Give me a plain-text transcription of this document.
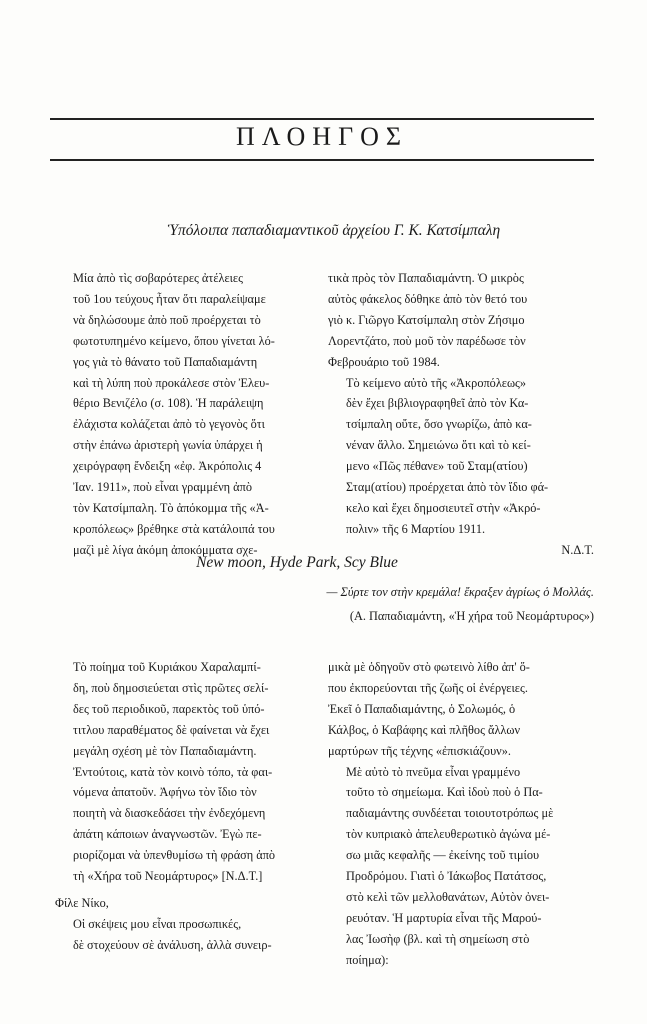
ΠΛΟΗΓΟΣ
Ὑπόλοιπα παπαδιαμαντικοῦ ἀρχείου Γ. Κ. Κατσίμπαλη

Μία ἀπὸ τὶς σοβαρότερες ἀτέλειες
τοῦ 1ου τεύχους ἦταν ὅτι παραλείψαμε
νὰ δηλώσουμε ἀπὸ ποῦ προέρχεται τὸ
φωτοτυπημένο κείμενο, ὅπου γίνεται λό-
γος γιὰ τὸ θάνατο τοῦ Παπαδιαμάντη
καὶ τὴ λύπη ποὺ προκάλεσε στὸν Ἐλευ-
θέριο Βενιζέλο (σ. 108). Ἡ παράλειψη
ἐλάχιστα κολάζεται ἀπὸ τὸ γεγονὸς ὅτι
στὴν ἐπάνω ἀριστερὴ γωνία ὑπάρχει ἡ
χειρόγραφη ἔνδειξη «ἐφ. Ἀκρόπολις 4
Ἰαν. 1911», ποὺ εἶναι γραμμένη ἀπὸ
τὸν Κατσίμπαλη. Τὸ ἀπόκομμα τῆς «Ἀ-
κροπόλεως» βρέθηκε στὰ κατάλοιπά του
μαζὶ μὲ λίγα ἀκόμη ἀποκόμματα σχε-

τικὰ πρὸς τὸν Παπαδιαμάντη. Ὁ μικρὸς
αὐτὸς φάκελος δόθηκε ἀπὸ τὸν θετό του
γιὸ κ. Γιῶργο Κατσίμπαλη στὸν Ζήσιμο
Λορεντζάτο, ποὺ μοῦ τὸν παρέδωσε τὸν
Φεβρουάριο τοῦ 1984.

Τὸ κείμενο αὐτὸ τῆς «Ἀκροπόλεως»
δὲν ἔχει βιβλιογραφηθεῖ ἀπὸ τὸν Κα-
τσίμπαλη οὔτε, ὅσο γνωρίζω, ἀπὸ κα-
νέναν ἄλλο. Σημειώνω ὅτι καὶ τὸ κεί-
μενο «Πῶς πέθανε» τοῦ Σταμ(ατίου)
Σταμ(ατίου) προέρχεται ἀπὸ τὸν ἴδιο φά-
κελο καὶ ἔχει δημοσιευτεῖ στὴν «Ἀκρό-
πολιν» τῆς 6 Μαρτίου 1911.

Ν.Δ.Τ.

New moon, Hyde Park, Scy Blue
— Σύρτε τον στὴν κρεμάλα! ἔκραξεν ἀγρίως ὁ Μολλάς.
(Α. Παπαδιαμάντη, «Ἡ χήρα τοῦ Νεομάρτυρος»)

Τὸ ποίημα τοῦ Κυριάκου Χαραλαμπί-
δη, ποὺ δημοσιεύεται στὶς πρῶτες σελί-
δες τοῦ περιοδικοῦ, παρεκτὸς τοῦ ὑπό-
τιτλου παραθέματος δὲ φαίνεται νὰ ἔχει
μεγάλη σχέση μὲ τὸν Παπαδιαμάντη.
Ἐντούτοις, κατὰ τὸν κοινὸ τόπο, τὰ φαι-
νόμενα ἀπατοῦν. Ἀφήνω τὸν ἴδιο τὸν
ποιητὴ νὰ διασκεδάσει τὴν ἐνδεχόμενη
ἀπάτη κάποιων ἀναγνωστῶν. Ἐγὼ πε-
ριορίζομαι νὰ ὑπενθυμίσω τὴ φράση ἀπὸ
τὴ «Χήρα τοῦ Νεομάρτυρος» [Ν.Δ.Τ.]

Φίλε Νίκο,

Οἱ σκέψεις μου εἶναι προσωπικές,
δὲ στοχεύουν σὲ ἀνάλυση, ἀλλὰ συνειρ-

μικὰ μὲ ὁδηγοῦν στὸ φωτεινὸ λίθο ἀπ' ὅ-
που ἐκπορεύονται τῆς ζωῆς οἱ ἐνέργειες.
Ἐκεῖ ὁ Παπαδιαμάντης, ὁ Σολωμός, ὁ
Κάλβος, ὁ Καβάφης καὶ πλῆθος ἄλλων
μαρτύρων τῆς τέχνης «ἐπισκιάζουν».

Μὲ αὐτὸ τὸ πνεῦμα εἶναι γραμμένο
τοῦτο τὸ σημείωμα. Καὶ ἰδοὺ ποὺ ὁ Πα-
παδιαμάντης συνδέεται τοιουτοτρόπως μὲ
τὸν κυπριακὸ ἀπελευθερωτικὸ ἀγώνα μέ-
σω μιᾶς κεφαλῆς — ἐκείνης τοῦ τιμίου
Προδρόμου. Γιατὶ ὁ Ἰάκωβος Πατάτσος,
στὸ κελὶ τῶν μελλοθανάτων, Αὐτὸν ὀνει-
ρευόταν. Ἡ μαρτυρία εἶναι τῆς Μαρού-
λας Ἰωσὴφ (βλ. καὶ τὴ σημείωση στὸ
ποίημα):
